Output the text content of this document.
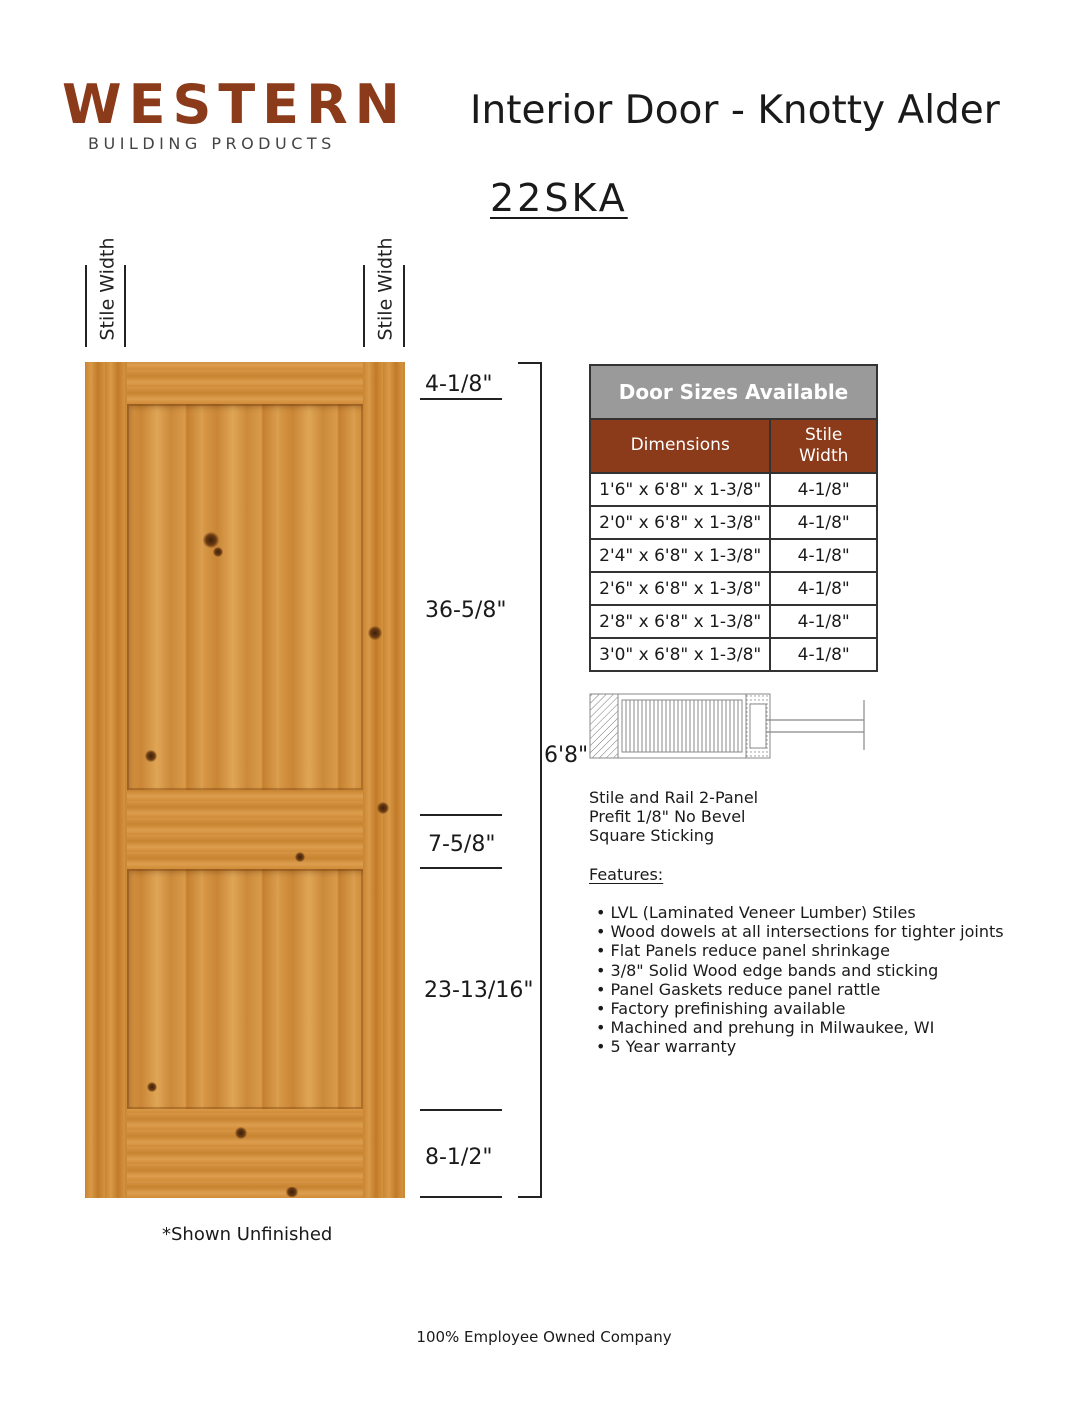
WESTERN
BUILDING PRODUCTS
Interior Door - Knotty Alder
22SKA
Stile Width	Stile Width
4-1/8"
36-5/8"
7-5/8"
23-13/16"
8-1/2"
6'8"
Door Sizes Available	
Dimensions	Stile Width
1'6" x 6'8" x 1-3/8"	4-1/8"
2'0" x 6'8" x 1-3/8"	4-1/8"
2'4" x 6'8" x 1-3/8"	4-1/8"
2'6" x 6'8" x 1-3/8"	4-1/8"
2'8" x 6'8" x 1-3/8"	4-1/8"
3'0" x 6'8" x 1-3/8"	4-1/8"
Stile and Rail 2-Panel
Prefit 1/8" No Bevel
Square Sticking
Features:
• LVL (Laminated Veneer Lumber) Stiles
• Wood dowels at all intersections for tighter joints
• Flat Panels reduce panel shrinkage
• 3/8" Solid Wood edge bands and sticking
• Panel Gaskets reduce panel rattle
• Factory prefinishing available
• Machined and prehung in Milwaukee, WI
• 5 Year warranty
*Shown Unfinished
100% Employee Owned Company
